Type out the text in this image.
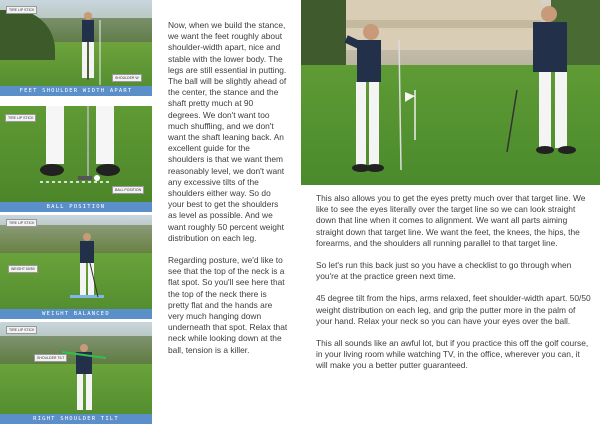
TIRE LIP STICK
SHOULDER W
FEET SHOULDER WIDTH APART
TIRE LIP STICK
BALL POSITION
BALL POSITION
TIRE LIP STICK
WEIGHT 50/50
WEIGHT BALANCED
TIRE LIP STICK
SHOULDER TILT
RIGHT SHOULDER TILT

Now, when we build the stance, we want the feet roughly about shoulder-width apart, nice and stable with the lower body. The legs are still essential in putting. The ball will be slightly ahead of the center, the stance and the shaft pretty much at 90 degrees. We don't want too much shuffling, and we don't want the shaft leaning back. An excellent guide for the shoulders is that we want them reasonably level, we don't want any excessive tilts of the shoulders either way. So do your best to get the shoulders as level as possible. And we want roughly 50 percent weight distribution on each leg.

Regarding posture, we'd like to see that the top of the neck is a flat spot. So you'll see here that the top of the neck there is pretty flat and the hands are very much hanging down underneath that spot. Relax that neck while looking down at the ball, tension is a killer.

This also allows you to get the eyes pretty much over that target line. We like to see the eyes literally over the target line so we can look straight down that line when it comes to alignment. We want all parts aiming straight down that target line. We want the feet, the knees, the hips, the forearms, and the shoulders all running parallel to that target line.

So let's run this back just so you have a checklist to go through when you're at the practice green next time.

45 degree tilt from the hips, arms relaxed, feet shoulder-width apart. 50/50 weight distribution on each leg, and grip the putter more in the palm of your hand. Relax your neck so you can have your eyes over the ball.

This all sounds like an awful lot, but if you practice this off the golf course, in your living room while watching TV, in the office, wherever you can, it will make you a better putter guaranteed.
